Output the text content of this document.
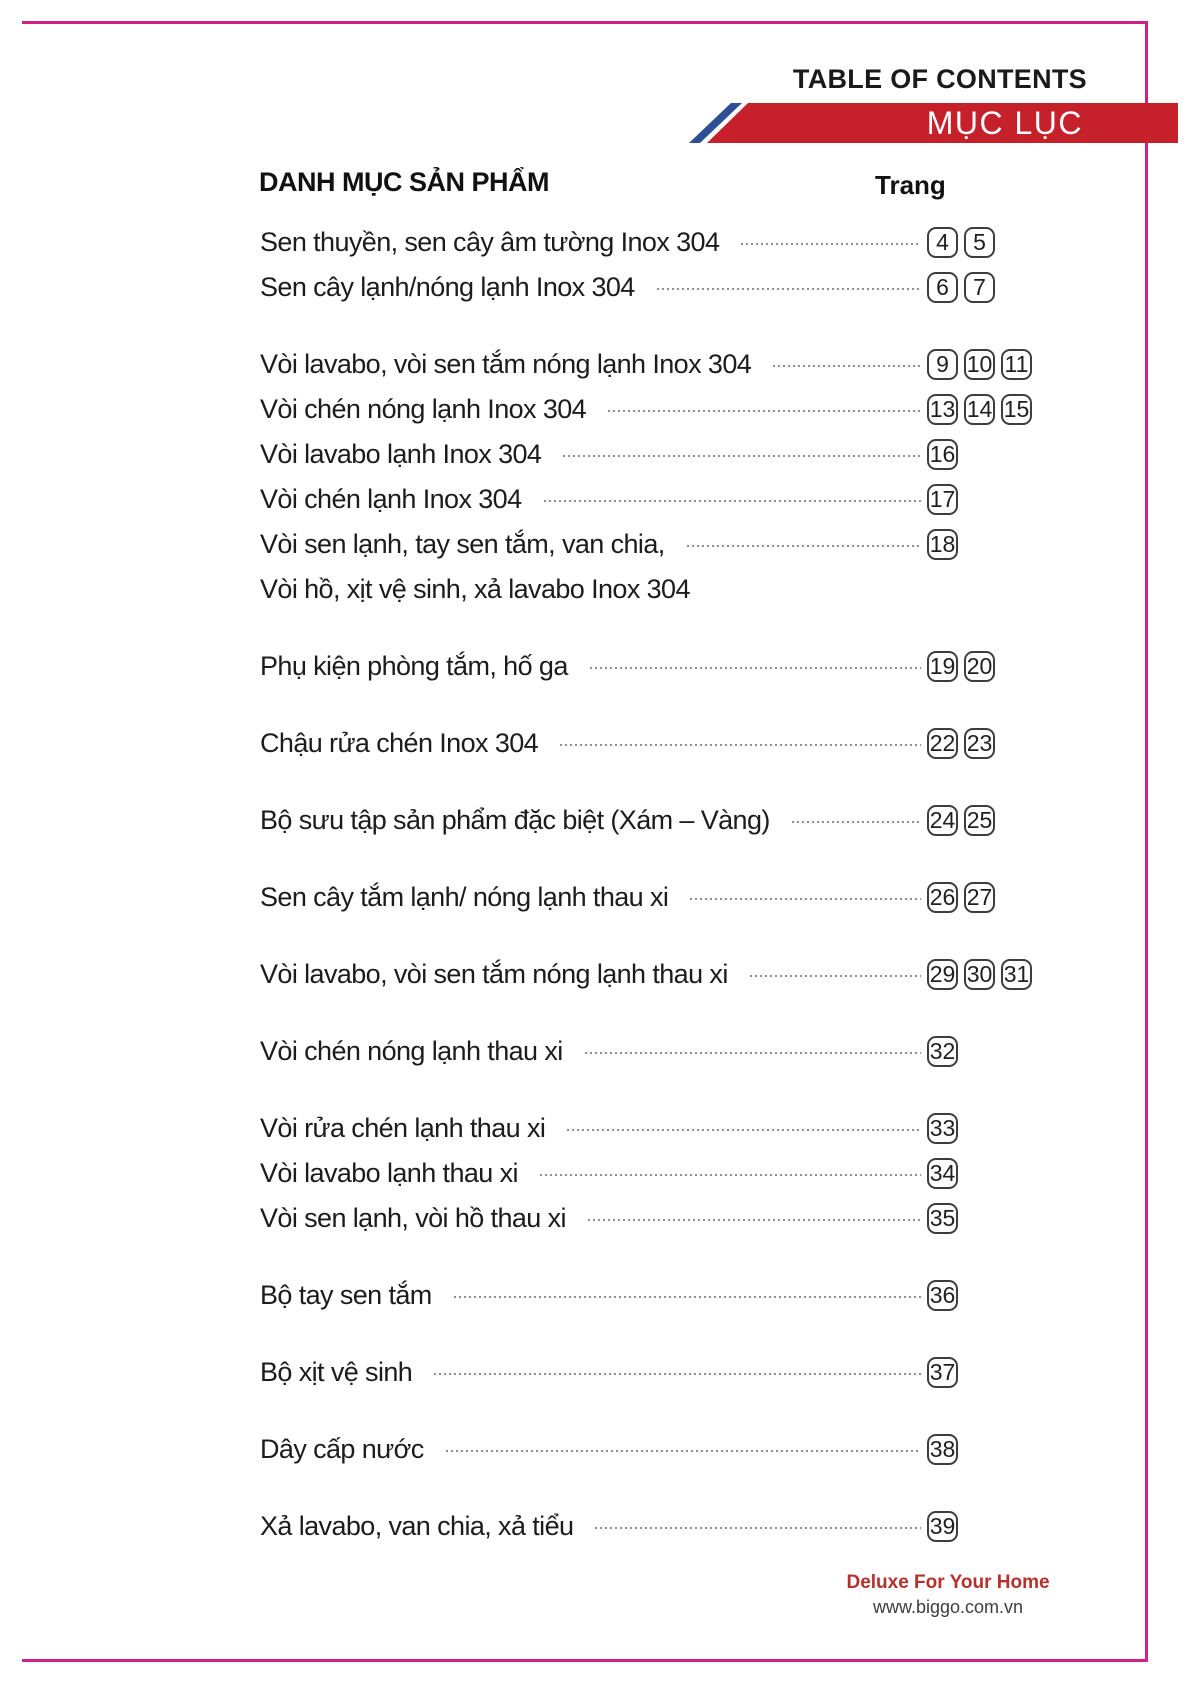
TABLE OF CONTENTS
MỤC LỤC
DANH MỤC SẢN PHẨM	Trang
Sen thuyền, sen cây âm tường Inox 304	4	5
Sen cây lạnh/nóng lạnh Inox 304	6	7
Vòi lavabo, vòi sen tắm nóng lạnh Inox 304	9 10 11
Vòi chén nóng lạnh Inox 304	13 14 15
Vòi lavabo lạnh Inox 304	16
Vòi chén lạnh Inox 304	17
Vòi sen lạnh, tay sen tắm, van chia,	18
Vòi hồ, xịt vệ sinh, xả lavabo Inox 304
Phụ kiện phòng tắm, hố ga	19 20
Chậu rửa chén Inox 304	22 23
Bộ sưu tập sản phẩm đặc biệt (Xám – Vàng)	24 25
Sen cây tắm lạnh/ nóng lạnh thau xi	26 27
Vòi lavabo, vòi sen tắm nóng lạnh thau xi	29 30 31
Vòi chén nóng lạnh thau xi	32
Vòi rửa chén lạnh thau xi	33
Vòi lavabo lạnh thau xi	34
Vòi sen lạnh, vòi hồ thau xi	35
Bộ tay sen tắm	36
Bộ xịt vệ sinh	37
Dây cấp nước	38
Xả lavabo, van chia, xả tiểu	39
Deluxe For Your Home
www.biggo.com.vn
